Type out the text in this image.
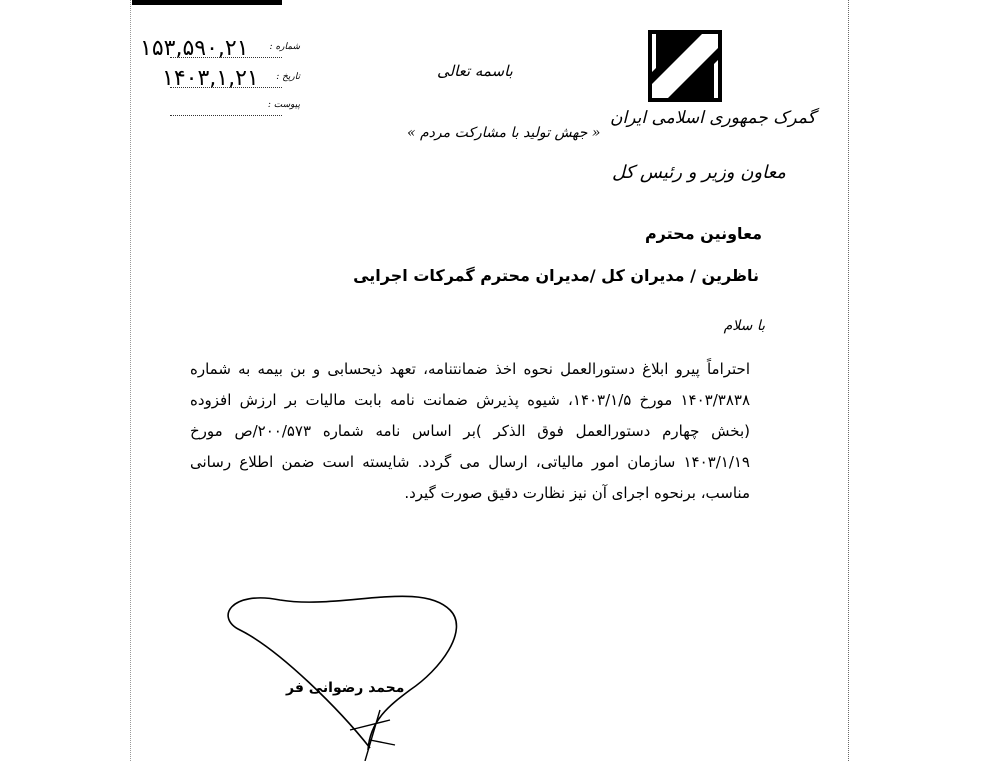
۱۵۳,۵۹۰,۲۱ شماره :
۱۴۰۳,۱,۲۱ تاریخ :
پیوست :
باسمه تعالی
« جهش تولید با مشارکت مردم »
گمرک جمهوری اسلامی ایران
معاون وزیر و رئیس کل
معاونین محترم
ناظرین / مدیران کل /مدیران محترم گمرکات اجرایی
با سلام

احتراماً پیرو ابلاغ دستورالعمل نحوه اخذ ضمانتنامه، تعهد ذیحسابی و بن بیمه به شماره ۱۴۰۳/۳۸۳۸ مورخ ۱۴۰۳/۱/۵، شیوه پذیرش ضمانت نامه بابت مالیات بر ارزش افزوده (بخش چهارم دستورالعمل فوق الذکر )بر اساس نامه شماره ۲۰۰/۵۷۳/ص مورخ ۱۴۰۳/۱/۱۹ سازمان امور مالیاتی، ارسال می گردد. شایسته است ضمن اطلاع رسانی مناسب، برنحوه اجرای آن نیز نظارت دقیق صورت گیرد.

محمد رضوانی فر
